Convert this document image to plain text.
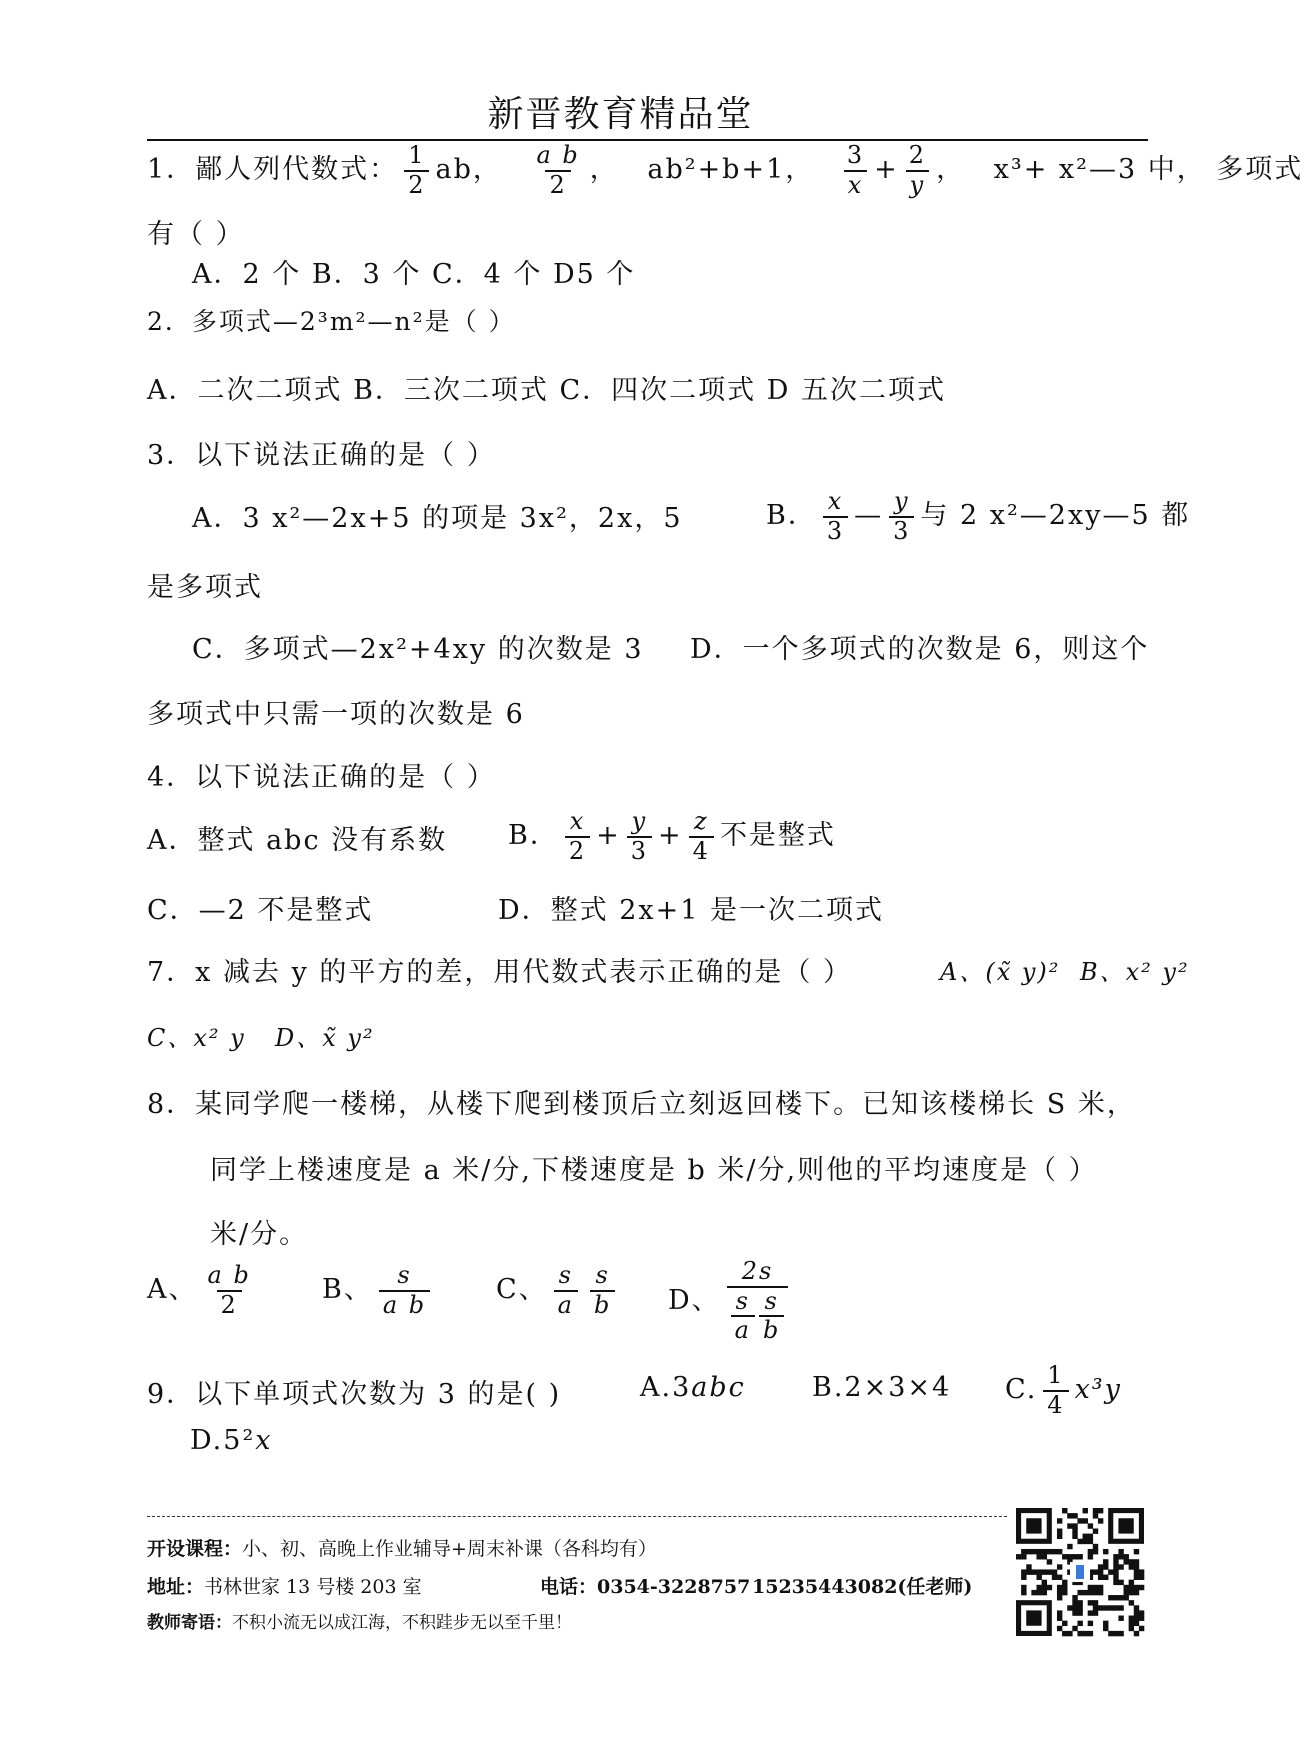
新晋教育精品堂
1．鄙人列代数式： $\frac{1}{2}$ ab， $\frac{\text{a b}}{2}$ ， ab²+b+1， $\frac{3}{x} + \frac{2}{y}$ ， x³+ x²—3 中， 多项式
有（ ）
A．2 个 B．3 个 C．4 个 D5 个
2．多项式—2³m²—n²是（ ）
A．二次二项式 B．三次二项式 C．四次二项式 D 五次二项式
3．以下说法正确的是（ ）
A．3 x²—2x+5 的项是 3x²，2x，5	B． $\frac{x}{3}$ — $\frac{y}{3}$ 与 2 x²—2xy—5 都
是多项式
C．多项式—2x²+4xy 的次数是 3 D．一个多项式的次数是 6，则这个
多项式中只需一项的次数是 6
4．以下说法正确的是（ ）
A．整式 abc 没有系数 B． $\frac{x}{2} + \frac{y}{3} + \frac{z}{4}$ 不是整式
C．—2 不是整式	D．整式 2x+1 是一次二项式
7．x 减去 y 的平方的差，用代数式表示正确的是（ ）	A、(x̃ y)² B、x² y²
C、x² y D、x̃ y²
8．某同学爬一楼梯，从楼下爬到楼顶后立刻返回楼下。已知该楼梯长 S 米，
同学上楼速度是 a 米/分,下楼速度是 b 米/分,则他的平均速度是（ ）
米/分。
A、 $\frac{\text{a b}}{2}$ B、 $\frac{s}{\text{a b}}$ C、 $\frac{s}{a} \frac{s}{b}$ D、 $\frac{2s}{\frac{s}{a} \frac{s}{b}}$
9．以下单项式次数为 3 的是( )	A.3abc B.2×3×4 C. $\frac{1}{4} x^3y$
D.5²x
开设课程：小、初、高晚上作业辅导+周末补课（各科均有）
地址：书林世家 13 号楼 203 室	电话：0354-3228757 15235443082(任老师)
教师寄语：不积小流无以成江海，不积跬步无以至千里！
